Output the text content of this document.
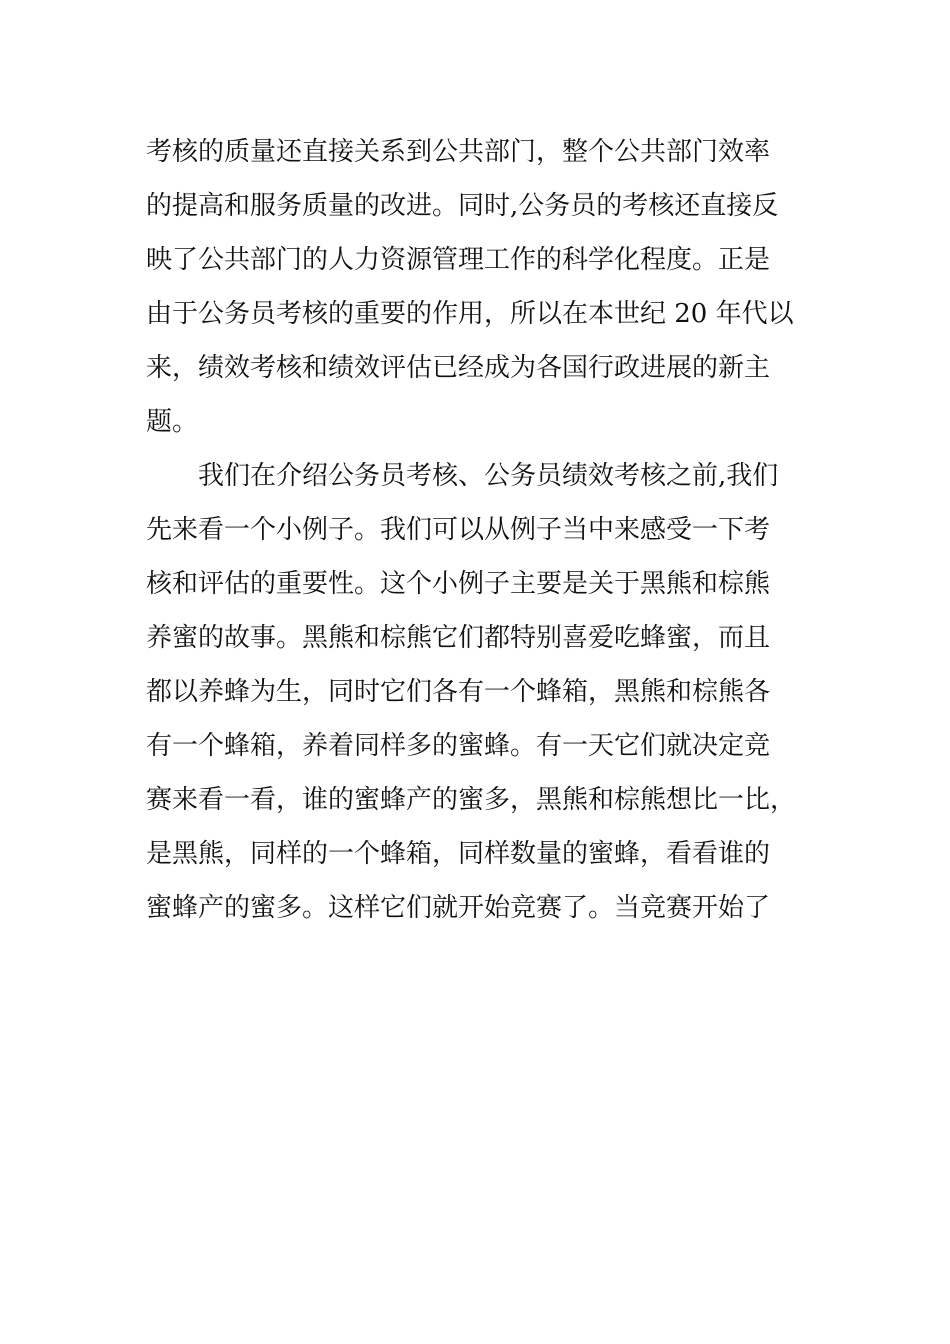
考核的质量还直接关系到公共部门，整个公共部门效率
的提高和服务质量的改进。同时,公务员的考核还直接反
映了公共部门的人力资源管理工作的科学化程度。正是
由于公务员考核的重要的作用，所以在本世纪 20 年代以
来，绩效考核和绩效评估已经成为各国行政进展的新主
题。
　　我们在介绍公务员考核、公务员绩效考核之前,我们
先来看一个小例子。我们可以从例子当中来感受一下考
核和评估的重要性。这个小例子主要是关于黑熊和棕熊
养蜜的故事。黑熊和棕熊它们都特别喜爱吃蜂蜜，而且
都以养蜂为生，同时它们各有一个蜂箱，黑熊和棕熊各
有一个蜂箱，养着同样多的蜜蜂。有一天它们就决定竞
赛来看一看，谁的蜜蜂产的蜜多，黑熊和棕熊想比一比，
是黑熊，同样的一个蜂箱，同样数量的蜜蜂，看看谁的
蜜蜂产的蜜多。这样它们就开始竞赛了。当竞赛开始了
